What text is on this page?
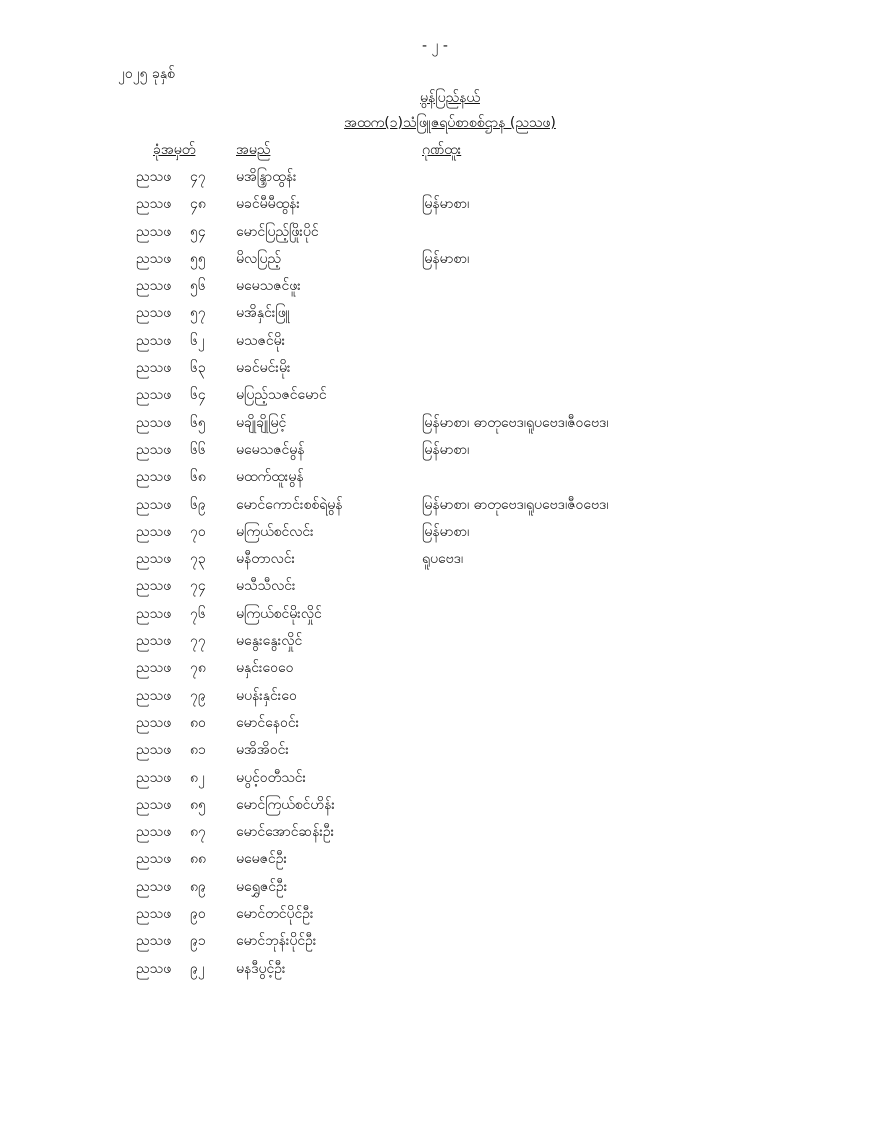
- ၂ -
၂၀၂၅ ခုနှစ်
မွန်ပြည်နယ်
အထက(၁)သံဖြူဇရပ်စာစစ်ဌာန (ညသဖ)
ခုံအမှတ်	အမည်	ဂုဏ်ထူး
ညသဖ ၄၇ မအိန္ဒြာထွန်း
ညသဖ ၄၈ မခင်မီမီထွန်း	မြန်မာစာ၊
ညသဖ ၅၄ မောင်ပြည့်ဖြိုးပိုင်
ညသဖ ၅၅ မိလပြည့်	မြန်မာစာ၊
ညသဖ ၅၆ မမေသဇင်ဖူး
ညသဖ ၅၇ မအိနှင်းဖြူ
ညသဖ ၆၂ မသဇင်မိုး
ညသဖ ၆၃ မခင်မင်းမိုး
ညသဖ ၆၄ မပြည့်သဇင်မောင်
ညသဖ ၆၅ မချိုချိုမြင့်	မြန်မာစာ၊ ဓာတုဗေဒ၊ရူပဗေဒ၊ဇီဝဗေဒ၊
ညသဖ ၆၆ မမေသဇင်မွန်	မြန်မာစာ၊
ညသဖ ၆၈ မထက်ထူးမွန်
ညသဖ ၆၉ မောင်ကောင်းစစ်ရဲမွန်	မြန်မာစာ၊ ဓာတုဗေဒ၊ရူပဗေဒ၊ဇီဝဗေဒ၊
ညသဖ ၇၀ မကြယ်စင်လင်း	မြန်မာစာ၊
ညသဖ ၇၃ မနီတာလင်း	ရူပဗေဒ၊
ညသဖ ၇၄ မသီသီလင်း
ညသဖ ၇၆ မကြယ်စင်မိုးလှိုင်
ညသဖ ၇၇ မနွေးနွေးလှိုင်
ညသဖ ၇၈ မနှင်းဝေဝေ
ညသဖ ၇၉ မပန်းနှင်းဝေ
ညသဖ ၈၀ မောင်နေဝင်း
ညသဖ ၈၁ မအိအိဝင်း
ညသဖ ၈၂ မပွင့်ဝတီသင်း
ညသဖ ၈၅ မောင်ကြယ်စင်ဟိန်း
ညသဖ ၈၇ မောင်အောင်ဆန်းဦး
ညသဖ ၈၈ မမေဇင်ဦး
ညသဖ ၈၉ မရွှေဇင်ဦး
ညသဖ ၉၀ မောင်တင်ပိုင်ဦး
ညသဖ ၉၁ မောင်ဘုန်းပိုင်ဦး
ညသဖ ၉၂ မနဒီပွင့်ဦး
